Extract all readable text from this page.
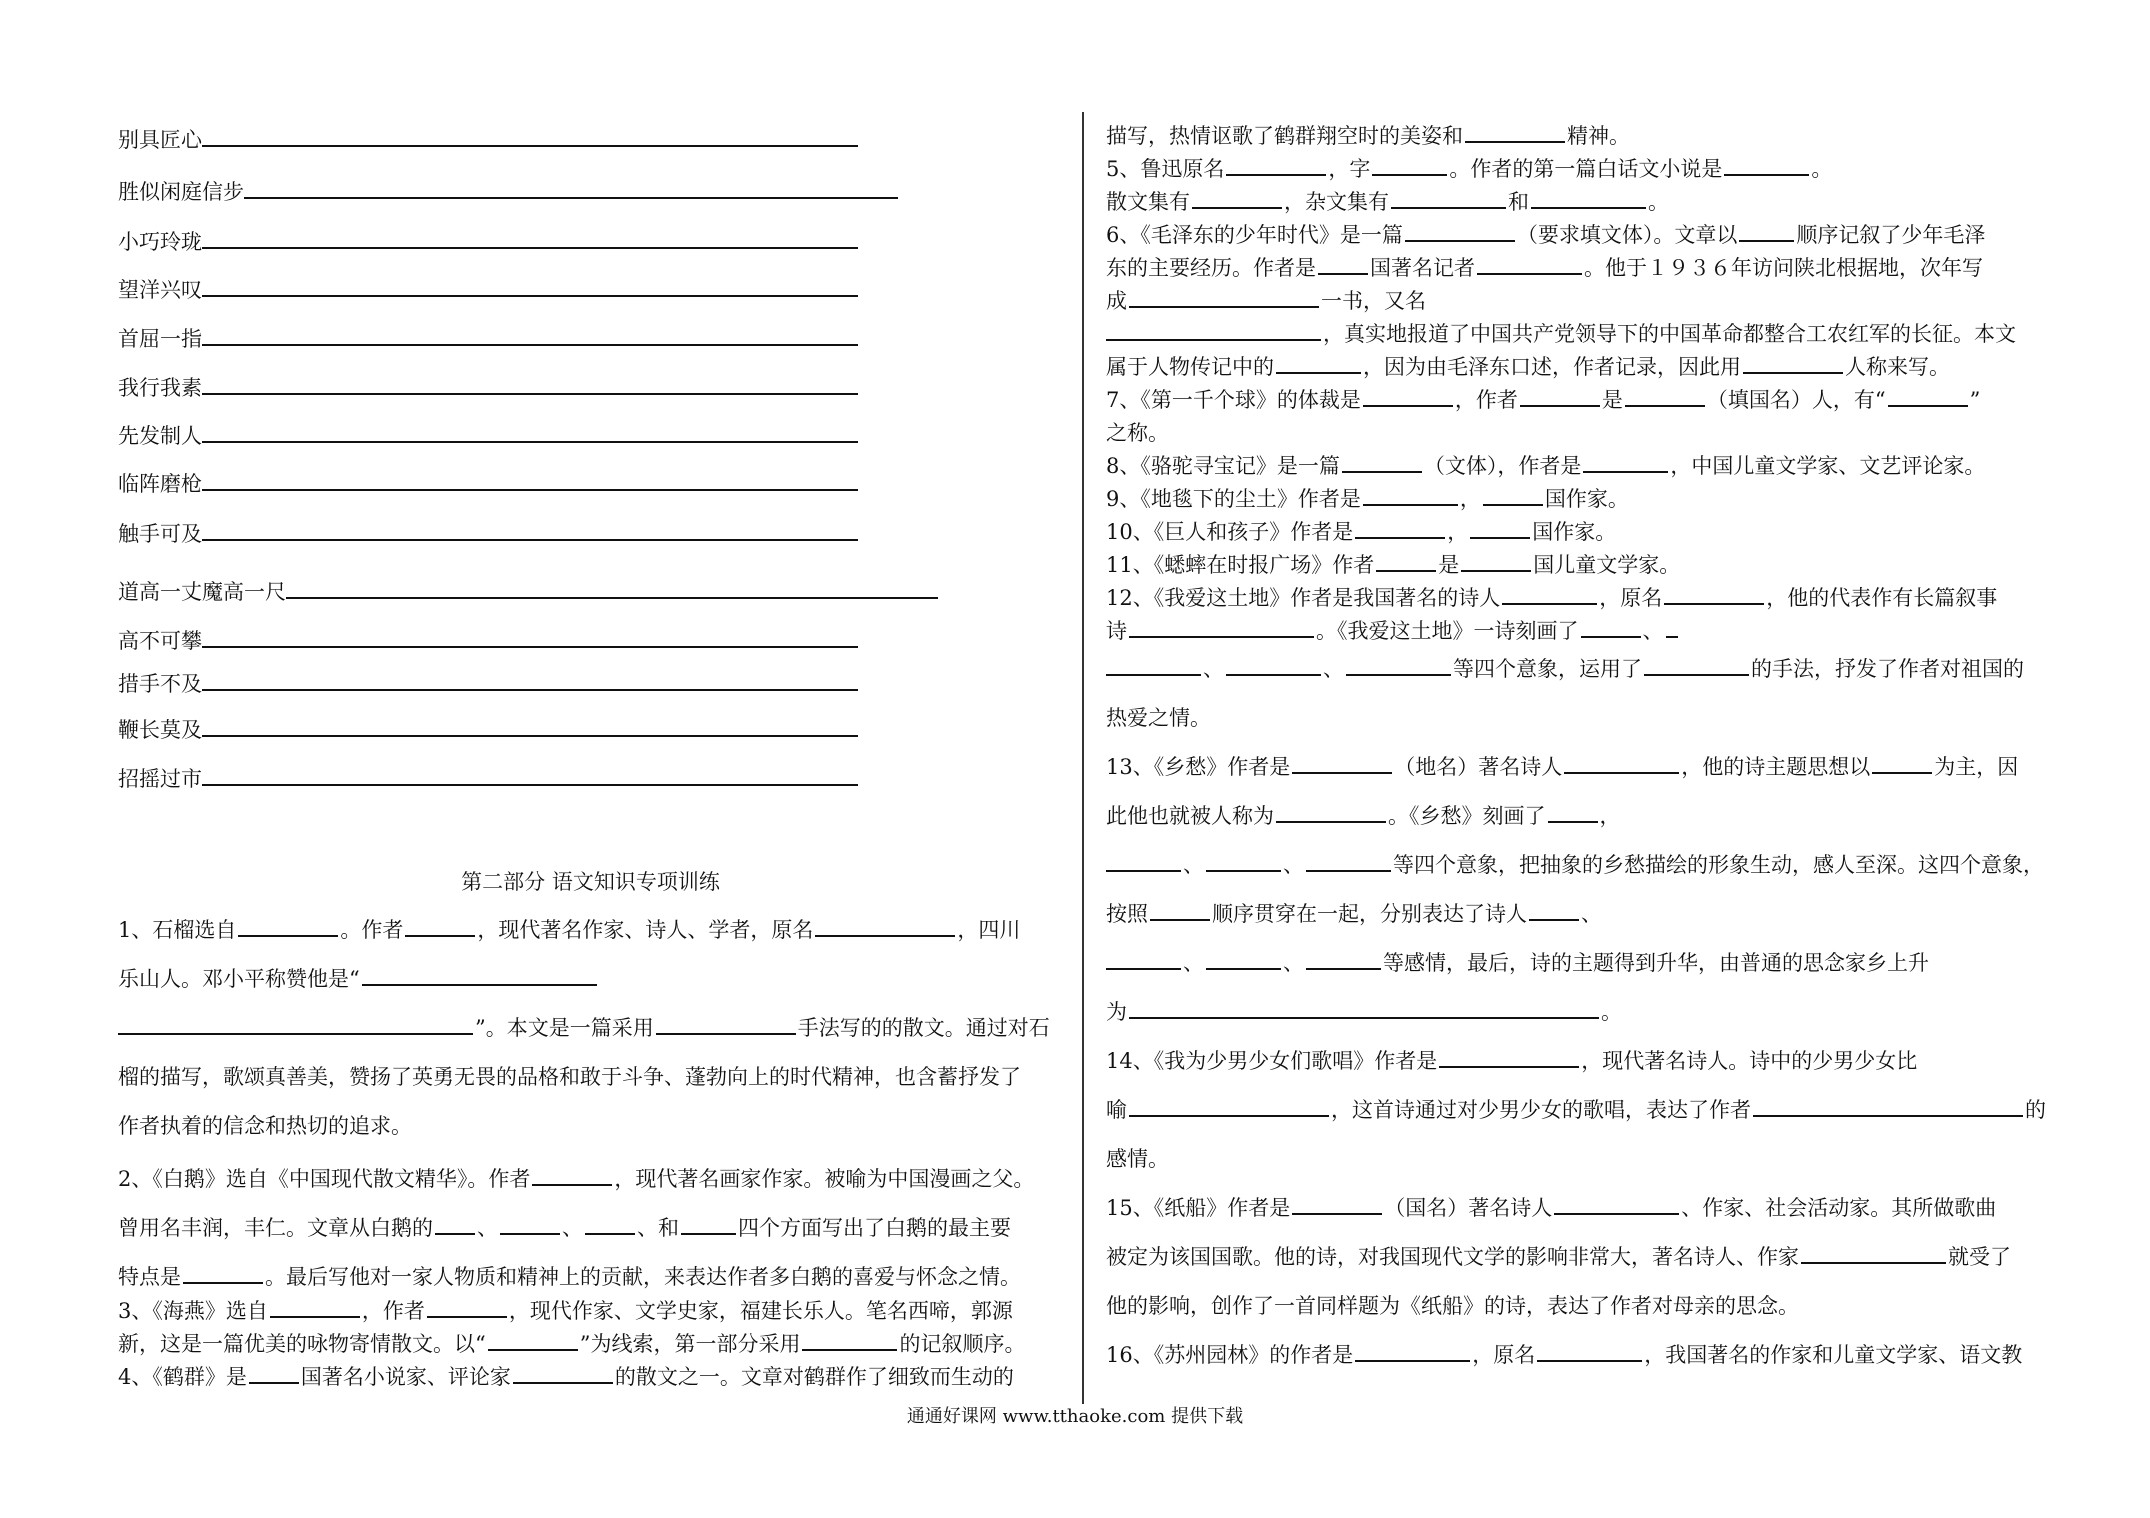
别具匠心
胜似闲庭信步
小巧玲珑
望洋兴叹
首屈一指
我行我素
先发制人
临阵磨枪
触手可及
道高一丈魔高一尺
高不可攀
措手不及
鞭长莫及
招摇过市
第二部分 语文知识专项训练
1、石榴选自	。作者	，现代著名作家、诗人、学者，原名	，四川
乐山人。邓小平称赞他是“
”。本文是一篇采用	手法写的的散文。通过对石
榴的描写，歌颂真善美，赞扬了英勇无畏的品格和敢于斗争、蓬勃向上的时代精神，也含蓄抒发了
作者执着的信念和热切的追求。
2、《白鹅》选自《中国现代散文精华》。作者	，现代著名画家作家。被喻为中国漫画之父。
曾用名丰润，丰仁。文章从白鹅的 、	、	、和	四个方面写出了白鹅的最主要
特点是	。最后写他对一家人物质和精神上的贡献，来表达作者多白鹅的喜爱与怀念之情。
3、《海燕》选自	，作者	，现代作家、文学史家，福建长乐人。笔名西啼，郭源
新，这是一篇优美的咏物寄情散文。以“	”为线索，第一部分采用	的记叙顺序。
4、《鹤群》是	国著名小说家、评论家	的散文之一。文章对鹤群作了细致而生动的
描写，热情讴歌了鹤群翔空时的美姿和	精神。
5、鲁迅原名	，字	。作者的第一篇白话文小说是	。
散文集有	，杂文集有	和	。
6、《毛泽东的少年时代》是一篇	（要求填文体）。文章以	顺序记叙了少年毛泽
东的主要经历。作者是	国著名记者	。他于１９３６年访问陕北根据地，次年写
成	一书，又名
，真实地报道了中国共产党领导下的中国革命都整合工农红军的长征。本文
属于人物传记中的	，因为由毛泽东口述，作者记录，因此用	人称来写。
7、《第一千个球》的体裁是	，作者	是	（填国名）人，有“	”
之称。
8、《骆驼寻宝记》是一篇	（文体），作者是	，中国儿童文学家、文艺评论家。
9、《地毯下的尘土》作者是	，	国作家。
10、《巨人和孩子》作者是	，	国作家。
11、《蟋蟀在时报广场》作者	是	国儿童文学家。
12、《我爱这土地》作者是我国著名的诗人	，原名	，他的代表作有长篇叙事
诗	。《我爱这土地》一诗刻画了	、
、	、	等四个意象，运用了	的手法，抒发了作者对祖国的
热爱之情。
13、《乡愁》作者是	（地名）著名诗人	，他的诗主题思想以	为主，因
此他也就被人称为	。《乡愁》刻画了	，
、	、	等四个意象，把抽象的乡愁描绘的形象生动，感人至深。这四个意象，
按照	顺序贯穿在一起，分别表达了诗人	、
、	、	等感情，最后，诗的主题得到升华，由普通的思念家乡上升
为	。
14、《我为少男少女们歌唱》作者是	，现代著名诗人。诗中的少男少女比
喻	，这首诗通过对少男少女的歌唱，表达了作者	的
感情。
15、《纸船》作者是	（国名）著名诗人	、作家、社会活动家。其所做歌曲
被定为该国国歌。他的诗，对我国现代文学的影响非常大，著名诗人、作家	就受了
他的影响，创作了一首同样题为《纸船》的诗，表达了作者对母亲的思念。
16、《苏州园林》的作者是	，原名	，我国著名的作家和儿童文学家、语文教
通通好课网 www.tthaoke.com 提供下载
